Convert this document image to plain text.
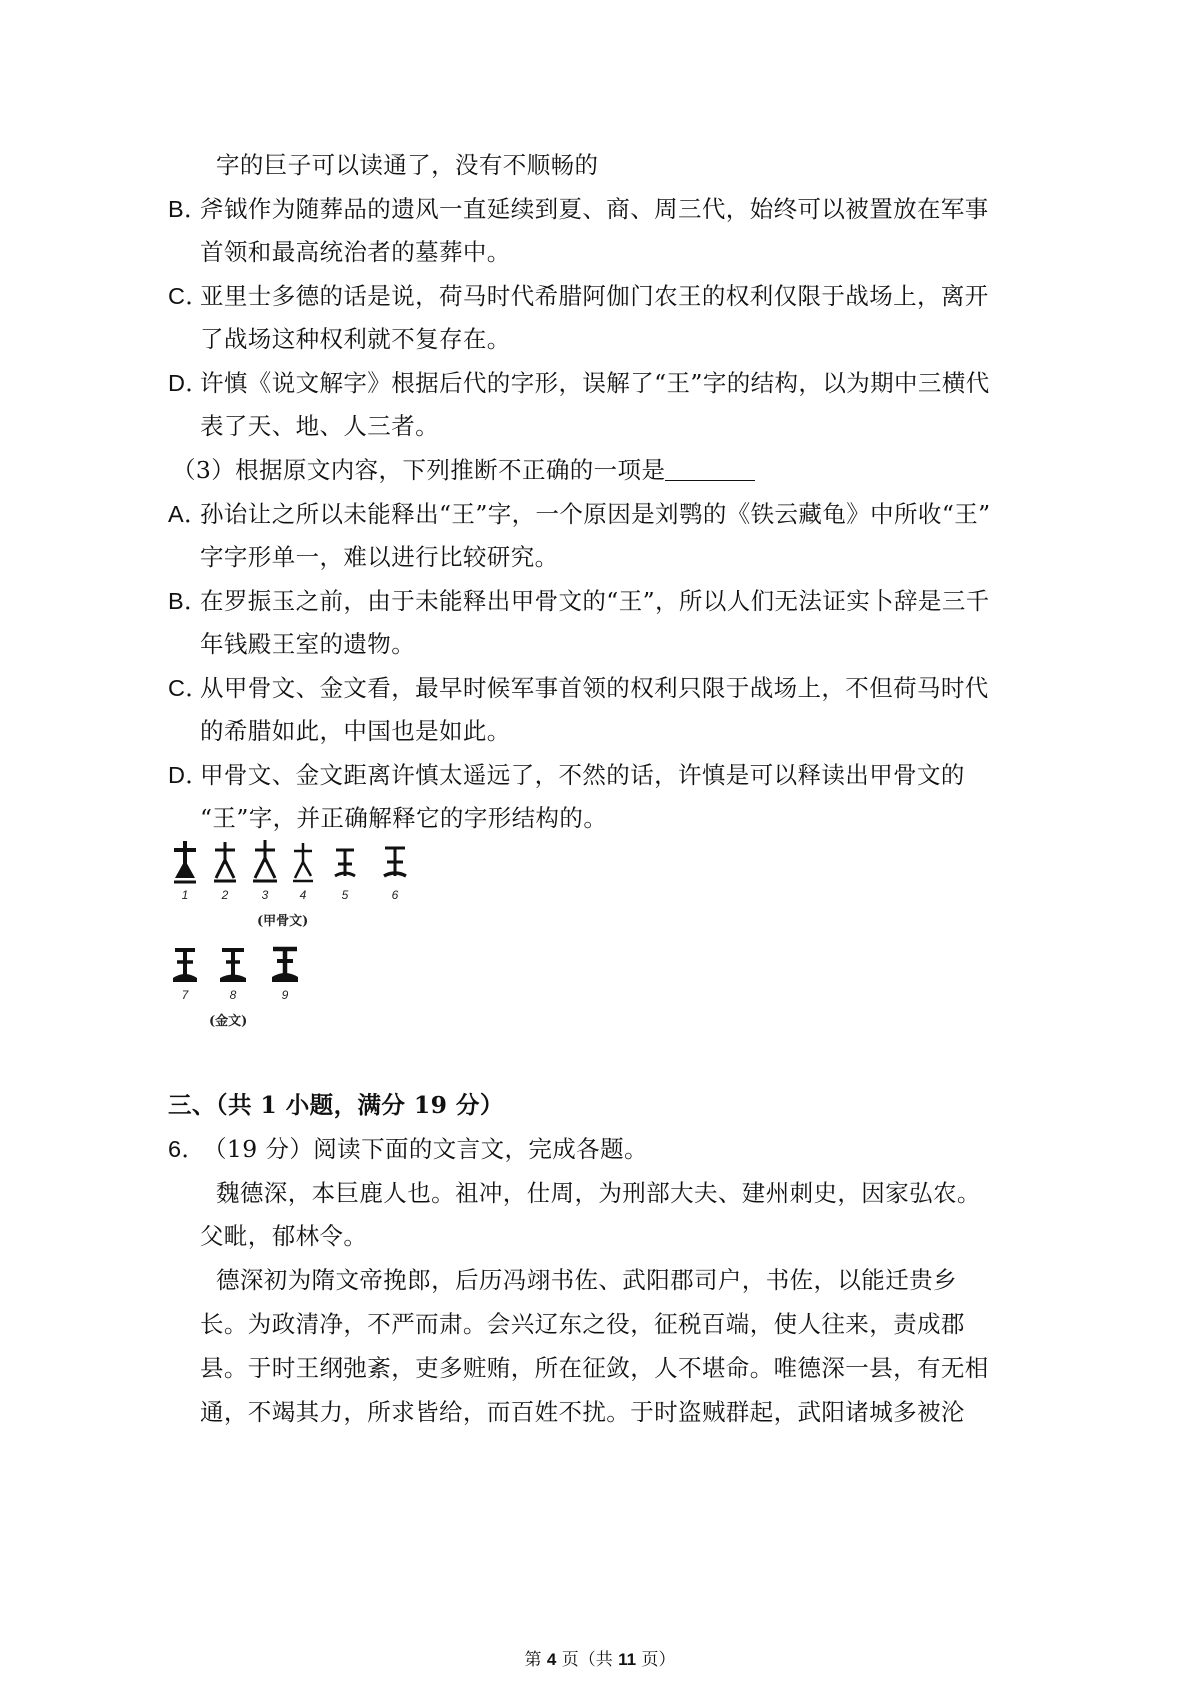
字的巨子可以读通了，没有不顺畅的
B．
斧钺作为随葬品的遗风一直延续到夏、商、周三代，始终可以被置放在军事
首领和最高统治者的墓葬中。
C．
亚里士多德的话是说，荷马时代希腊阿伽门农王的权利仅限于战场上，离开
了战场这种权利就不复存在。
D．
许慎《说文解字》根据后代的字形，误解了“王”字的结构，以为期中三横代
表了天、地、人三者。
（3）根据原文内容，下列推断不正确的一项是
A．
孙诒让之所以未能释出“王”字，一个原因是刘鹗的《铁云藏龟》中所收“王”
字字形单一，难以进行比较研究。
B．
在罗振玉之前，由于未能释出甲骨文的“王”，所以人们无法证实卜辞是三千
年钱殿王室的遗物。
C．
从甲骨文、金文看，最早时候军事首领的权利只限于战场上，不但荷马时代
的希腊如此，中国也是如此。
D．
甲骨文、金文距离许慎太遥远了，不然的话，许慎是可以释读出甲骨文的
“王”字，并正确解释它的字形结构的。
1	2	3	4	5	6
(甲骨文)
7	8	9
(金文)
三、（共 1 小题，满分 19 分）
6．
（19 分）阅读下面的文言文，完成各题。
魏德深，本巨鹿人也。祖冲，仕周，为刑部大夫、建州刺史，因家弘农。
父毗，郁林令。
德深初为隋文帝挽郎，后历冯翊书佐、武阳郡司户，书佐，以能迁贵乡
长。为政清净，不严而肃。会兴辽东之役，征税百端，使人往来，责成郡
县。于时王纲弛紊，吏多赃贿，所在征敛，人不堪命。唯德深一县，有无相
通，不竭其力，所求皆给，而百姓不扰。于时盗贼群起，武阳诸城多被沦
第 4 页（共 11 页）
